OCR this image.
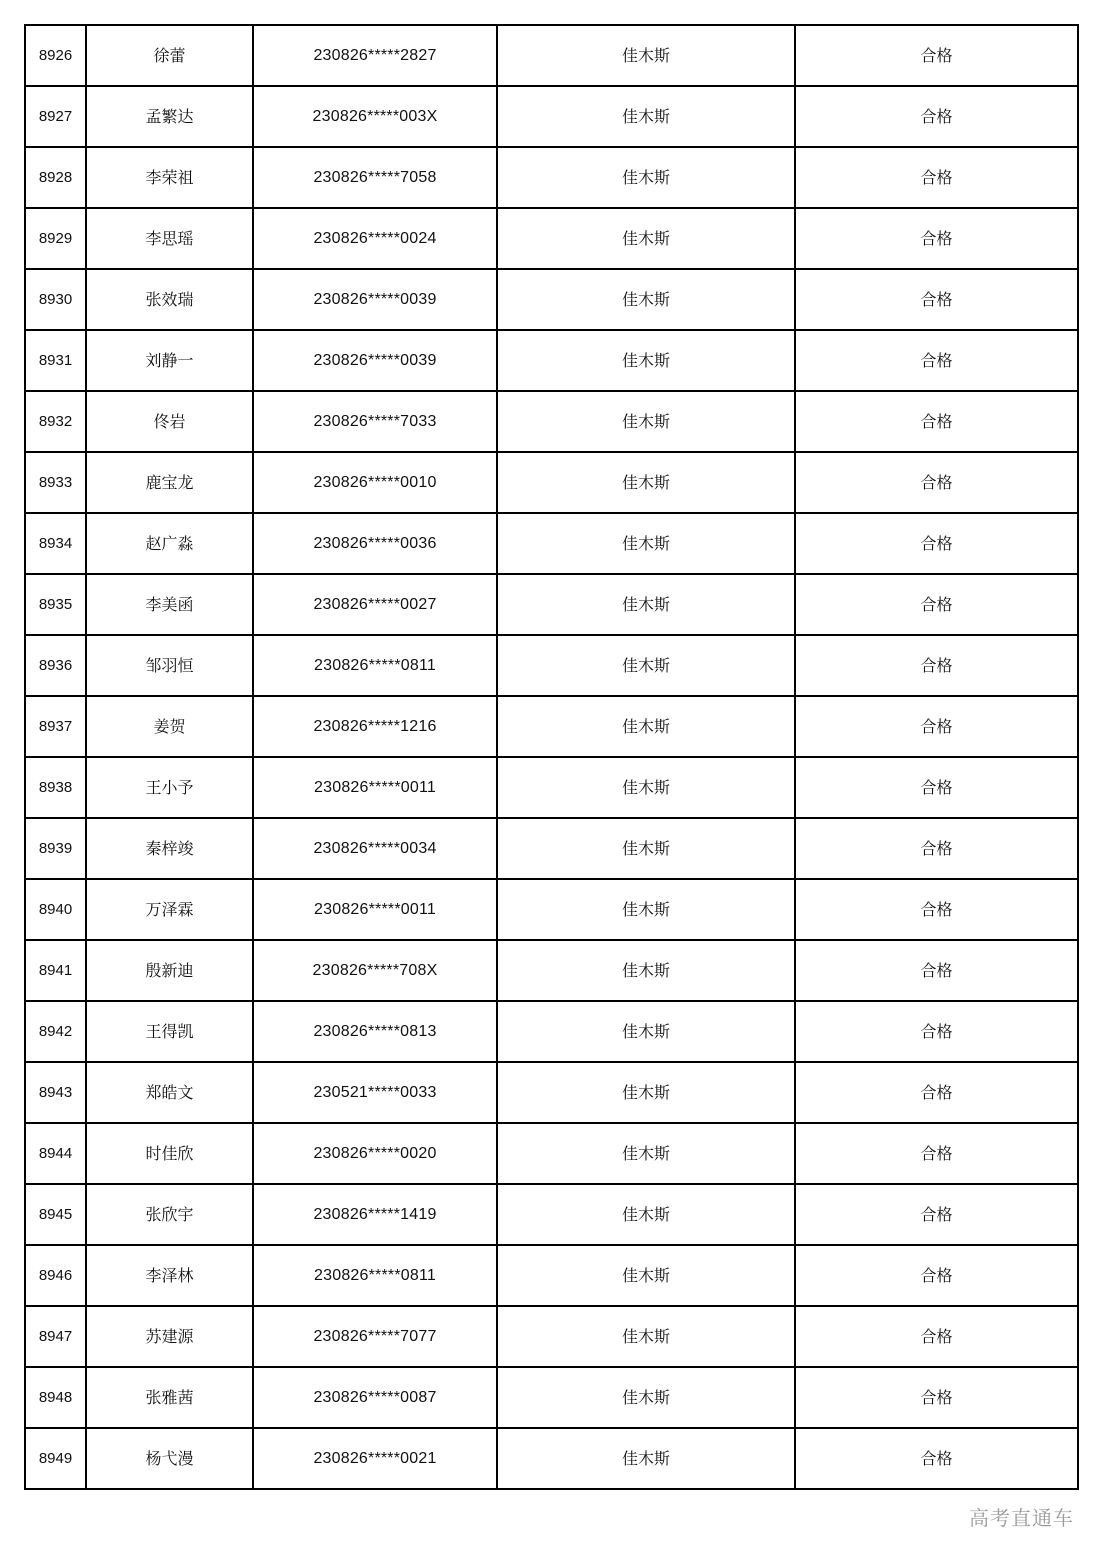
8926	徐蕾	230826*****2827	佳木斯	合格
8927	孟繁达	230826*****003X	佳木斯	合格
8928	李荣祖	230826*****7058	佳木斯	合格
8929	李思瑶	230826*****0024	佳木斯	合格
8930	张效瑞	230826*****0039	佳木斯	合格
8931	刘静一	230826*****0039	佳木斯	合格
8932	佟岩	230826*****7033	佳木斯	合格
8933	鹿宝龙	230826*****0010	佳木斯	合格
8934	赵广淼	230826*****0036	佳木斯	合格
8935	李美函	230826*****0027	佳木斯	合格
8936	邹羽恒	230826*****0811	佳木斯	合格
8937	姜贺	230826*****1216	佳木斯	合格
8938	王小予	230826*****0011	佳木斯	合格
8939	秦梓竣	230826*****0034	佳木斯	合格
8940	万泽霖	230826*****0011	佳木斯	合格
8941	殷新迪	230826*****708X	佳木斯	合格
8942	王得凯	230826*****0813	佳木斯	合格
8943	郑皓文	230521*****0033	佳木斯	合格
8944	时佳欣	230826*****0020	佳木斯	合格
8945	张欣宇	230826*****1419	佳木斯	合格
8946	李泽林	230826*****0811	佳木斯	合格
8947	苏建源	230826*****7077	佳木斯	合格
8948	张雅茜	230826*****0087	佳木斯	合格
8949	杨弋漫	230826*****0021	佳木斯	合格
高考直通车
